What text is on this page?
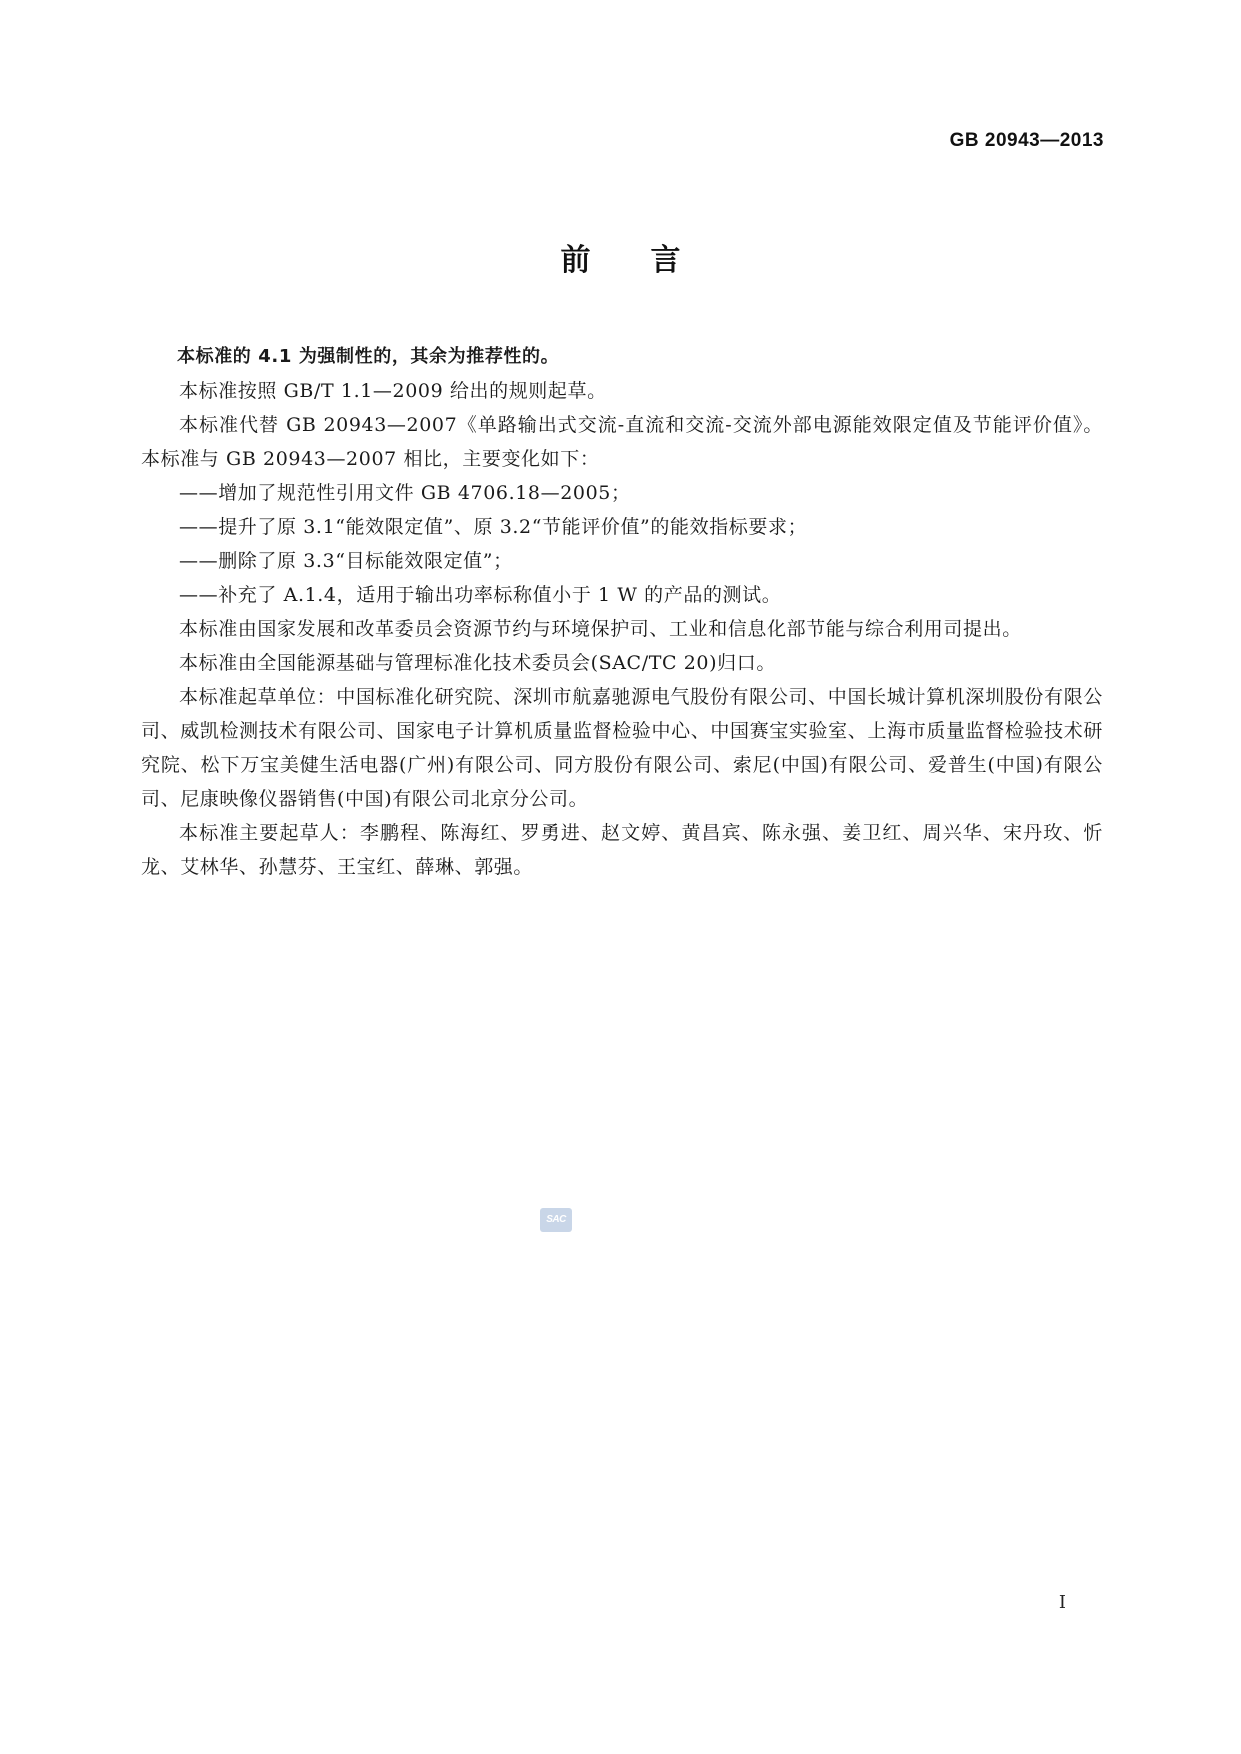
GB 20943—2013
前言

本标准的 4.1 为强制性的，其余为推荐性的。

本标准按照 GB/T 1.1—2009 给出的规则起草。

本标准代替 GB 20943—2007《单路输出式交流-直流和交流-交流外部电源能效限定值及节能评价值》。本标准与 GB 20943—2007 相比，主要变化如下：

——增加了规范性引用文件 GB 4706.18—2005；

——提升了原 3.1“能效限定值”、原 3.2“节能评价值”的能效指标要求；

——删除了原 3.3“目标能效限定值”；

——补充了 A.1.4，适用于输出功率标称值小于 1 W 的产品的测试。

本标准由国家发展和改革委员会资源节约与环境保护司、工业和信息化部节能与综合利用司提出。

本标准由全国能源基础与管理标准化技术委员会(SAC/TC 20)归口。

本标准起草单位：中国标准化研究院、深圳市航嘉驰源电气股份有限公司、中国长城计算机深圳股份有限公司、威凯检测技术有限公司、国家电子计算机质量监督检验中心、中国赛宝实验室、上海市质量监督检验技术研究院、松下万宝美健生活电器(广州)有限公司、同方股份有限公司、索尼(中国)有限公司、爱普生(中国)有限公司、尼康映像仪器销售(中国)有限公司北京分公司。

本标准主要起草人：李鹏程、陈海红、罗勇进、赵文婷、黄昌宾、陈永强、姜卫红、周兴华、宋丹玫、忻龙、艾林华、孙慧芬、王宝红、薛琳、郭强。

SAC
I
